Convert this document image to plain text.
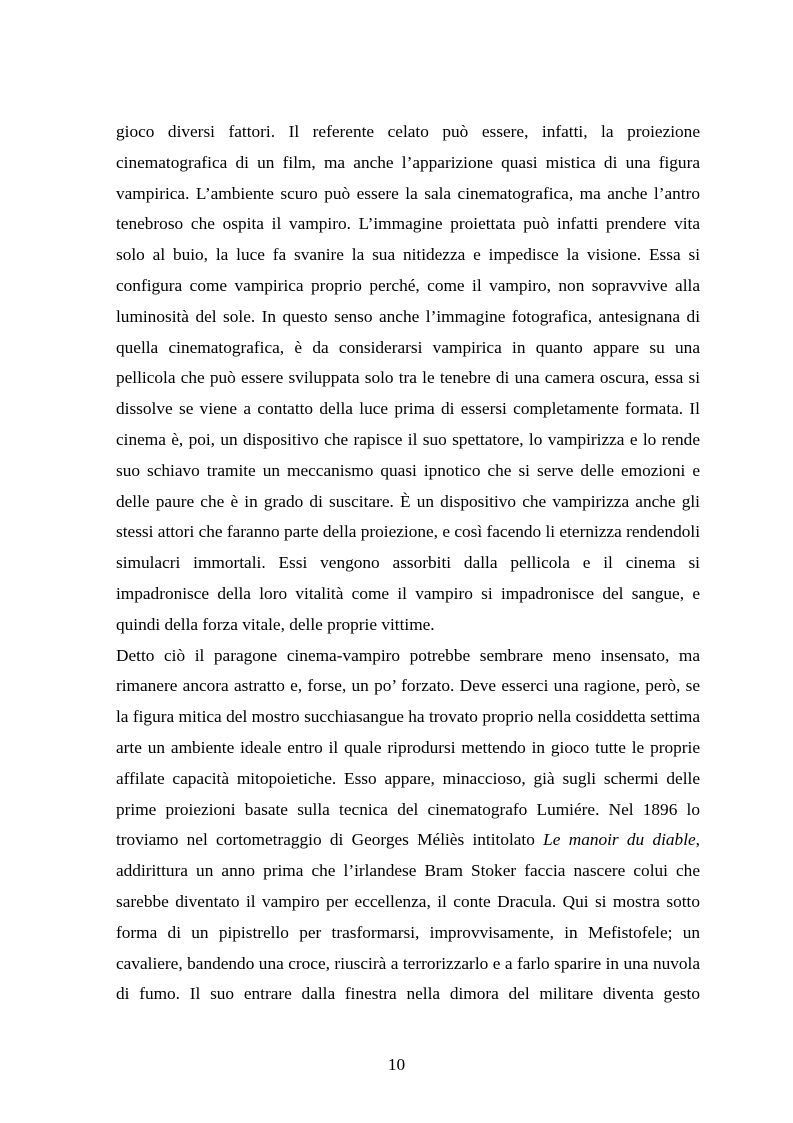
gioco diversi fattori. Il referente celato può essere, infatti, la proiezione
cinematografica di un film, ma anche l’apparizione quasi mistica di una figura
vampirica. L’ambiente scuro può essere la sala cinematografica, ma anche l’antro
tenebroso che ospita il vampiro. L’immagine proiettata può infatti prendere vita
solo al buio, la luce fa svanire la sua nitidezza e impedisce la visione. Essa si
configura come vampirica proprio perché, come il vampiro, non sopravvive alla
luminosità del sole. In questo senso anche l’immagine fotografica, antesignana di
quella cinematografica, è da considerarsi vampirica in quanto appare su una
pellicola che può essere sviluppata solo tra le tenebre di una camera oscura, essa si
dissolve se viene a contatto della luce prima di essersi completamente formata. Il
cinema è, poi, un dispositivo che rapisce il suo spettatore, lo vampirizza e lo rende
suo schiavo tramite un meccanismo quasi ipnotico che si serve delle emozioni e
delle paure che è in grado di suscitare. È un dispositivo che vampirizza anche gli
stessi attori che faranno parte della proiezione, e così facendo li eternizza rendendoli
simulacri immortali. Essi vengono assorbiti dalla pellicola e il cinema si
impadronisce della loro vitalità come il vampiro si impadronisce del sangue, e
quindi della forza vitale, delle proprie vittime.
Detto ciò il paragone cinema-vampiro potrebbe sembrare meno insensato, ma
rimanere ancora astratto e, forse, un po’ forzato. Deve esserci una ragione, però, se
la figura mitica del mostro succhiasangue ha trovato proprio nella cosiddetta settima
arte un ambiente ideale entro il quale riprodursi mettendo in gioco tutte le proprie
affilate capacità mitopoietiche. Esso appare, minaccioso, già sugli schermi delle
prime proiezioni basate sulla tecnica del cinematografo Lumiére. Nel 1896 lo
troviamo nel cortometraggio di Georges Méliès intitolato Le manoir du diable,
addirittura un anno prima che l’irlandese Bram Stoker faccia nascere colui che
sarebbe diventato il vampiro per eccellenza, il conte Dracula. Qui si mostra sotto
forma di un pipistrello per trasformarsi, improvvisamente, in Mefistofele; un
cavaliere, bandendo una croce, riuscirà a terrorizzarlo e a farlo sparire in una nuvola
di fumo. Il suo entrare dalla finestra nella dimora del militare diventa gesto
10
